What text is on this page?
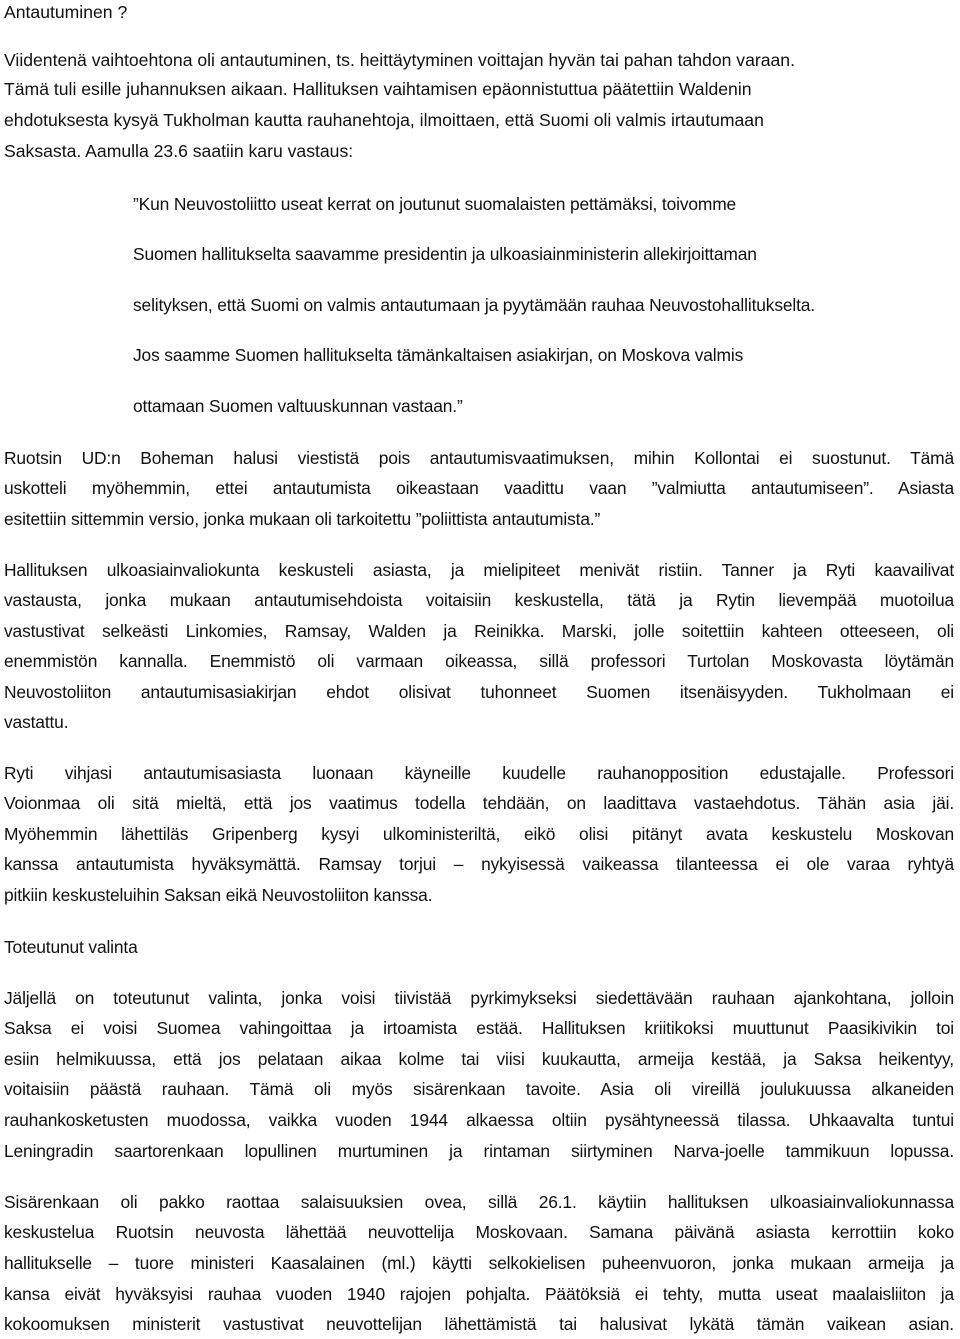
Antautuminen ?
Viidentenä vaihtoehtona oli antautuminen, ts. heittäytyminen voittajan hyvän tai pahan tahdon varaan.
Tämä tuli esille juhannuksen aikaan. Hallituksen vaihtamisen epäonnistuttua päätettiin Waldenin
ehdotuksesta kysyä Tukholman kautta rauhanehtoja, ilmoittaen, että Suomi oli valmis irtautumaan
Saksasta. Aamulla 23.6 saatiin karu vastaus:
”Kun Neuvostoliitto useat kerrat on joutunut suomalaisten pettämäksi, toivomme
Suomen hallitukselta saavamme presidentin ja ulkoasiainministerin allekirjoittaman
selityksen, että Suomi on valmis antautumaan ja pyytämään rauhaa Neuvostohallitukselta.
Jos saamme Suomen hallitukselta tämänkaltaisen asiakirjan, on Moskova valmis
ottamaan Suomen valtuuskunnan vastaan.”
Ruotsin UD:n Boheman halusi viestistä pois antautumisvaatimuksen, mihin Kollontai ei suostunut. Tämä
uskotteli myöhemmin, ettei antautumista oikeastaan vaadittu vaan ”valmiutta antautumiseen”. Asiasta
esitettiin sittemmin versio, jonka mukaan oli tarkoitettu ”poliittista antautumista.”
Hallituksen ulkoasiainvaliokunta keskusteli asiasta, ja mielipiteet menivät ristiin. Tanner ja Ryti kaavailivat
vastausta, jonka mukaan antautumisehdoista voitaisiin keskustella, tätä ja Rytin lievempää muotoilua
vastustivat selkeästi Linkomies, Ramsay, Walden ja Reinikka. Marski, jolle soitettiin kahteen otteeseen, oli
enemmistön kannalla. Enemmistö oli varmaan oikeassa, sillä professori Turtolan Moskovasta löytämän
Neuvostoliiton antautumisasiakirjan ehdot olisivat tuhonneet Suomen itsenäisyyden. Tukholmaan ei
vastattu.
Ryti vihjasi antautumisasiasta luonaan käyneille kuudelle rauhanopposition edustajalle. Professori
Voionmaa oli sitä mieltä, että jos vaatimus todella tehdään, on laadittava vastaehdotus. Tähän asia jäi.
Myöhemmin lähettiläs Gripenberg kysyi ulkoministeriltä, eikö olisi pitänyt avata keskustelu Moskovan
kanssa antautumista hyväksymättä. Ramsay torjui – nykyisessä vaikeassa tilanteessa ei ole varaa ryhtyä
pitkiin keskusteluihin Saksan eikä Neuvostoliiton kanssa.
Toteutunut valinta
Jäljellä on toteutunut valinta, jonka voisi tiivistää pyrkimykseksi siedettävään rauhaan ajankohtana, jolloin
Saksa ei voisi Suomea vahingoittaa ja irtoamista estää. Hallituksen kriitikoksi muuttunut Paasikivikin toi
esiin helmikuussa, että jos pelataan aikaa kolme tai viisi kuukautta, armeija kestää, ja Saksa heikentyy,
voitaisiin päästä rauhaan. Tämä oli myös sisärenkaan tavoite. Asia oli vireillä joulukuussa alkaneiden
rauhankosketusten muodossa, vaikka vuoden 1944 alkaessa oltiin pysähtyneessä tilassa. Uhkaavalta tuntui
Leningradin saartorenkaan lopullinen murtuminen ja rintaman siirtyminen Narva-joelle tammikuun lopussa.
Sisärenkaan oli pakko raottaa salaisuuksien ovea, sillä 26.1. käytiin hallituksen ulkoasiainvaliokunnassa
keskustelua Ruotsin neuvosta lähettää neuvottelija Moskovaan. Samana päivänä asiasta kerrottiin koko
hallitukselle – tuore ministeri Kaasalainen (ml.) käytti selkokielisen puheenvuoron, jonka mukaan armeija ja
kansa eivät hyväksyisi rauhaa vuoden 1940 rajojen pohjalta. Päätöksiä ei tehty, mutta useat maalaisliiton ja
kokoomuksen ministerit vastustivat neuvottelijan lähettämistä tai halusivat lykätä tämän vaikean asian.
